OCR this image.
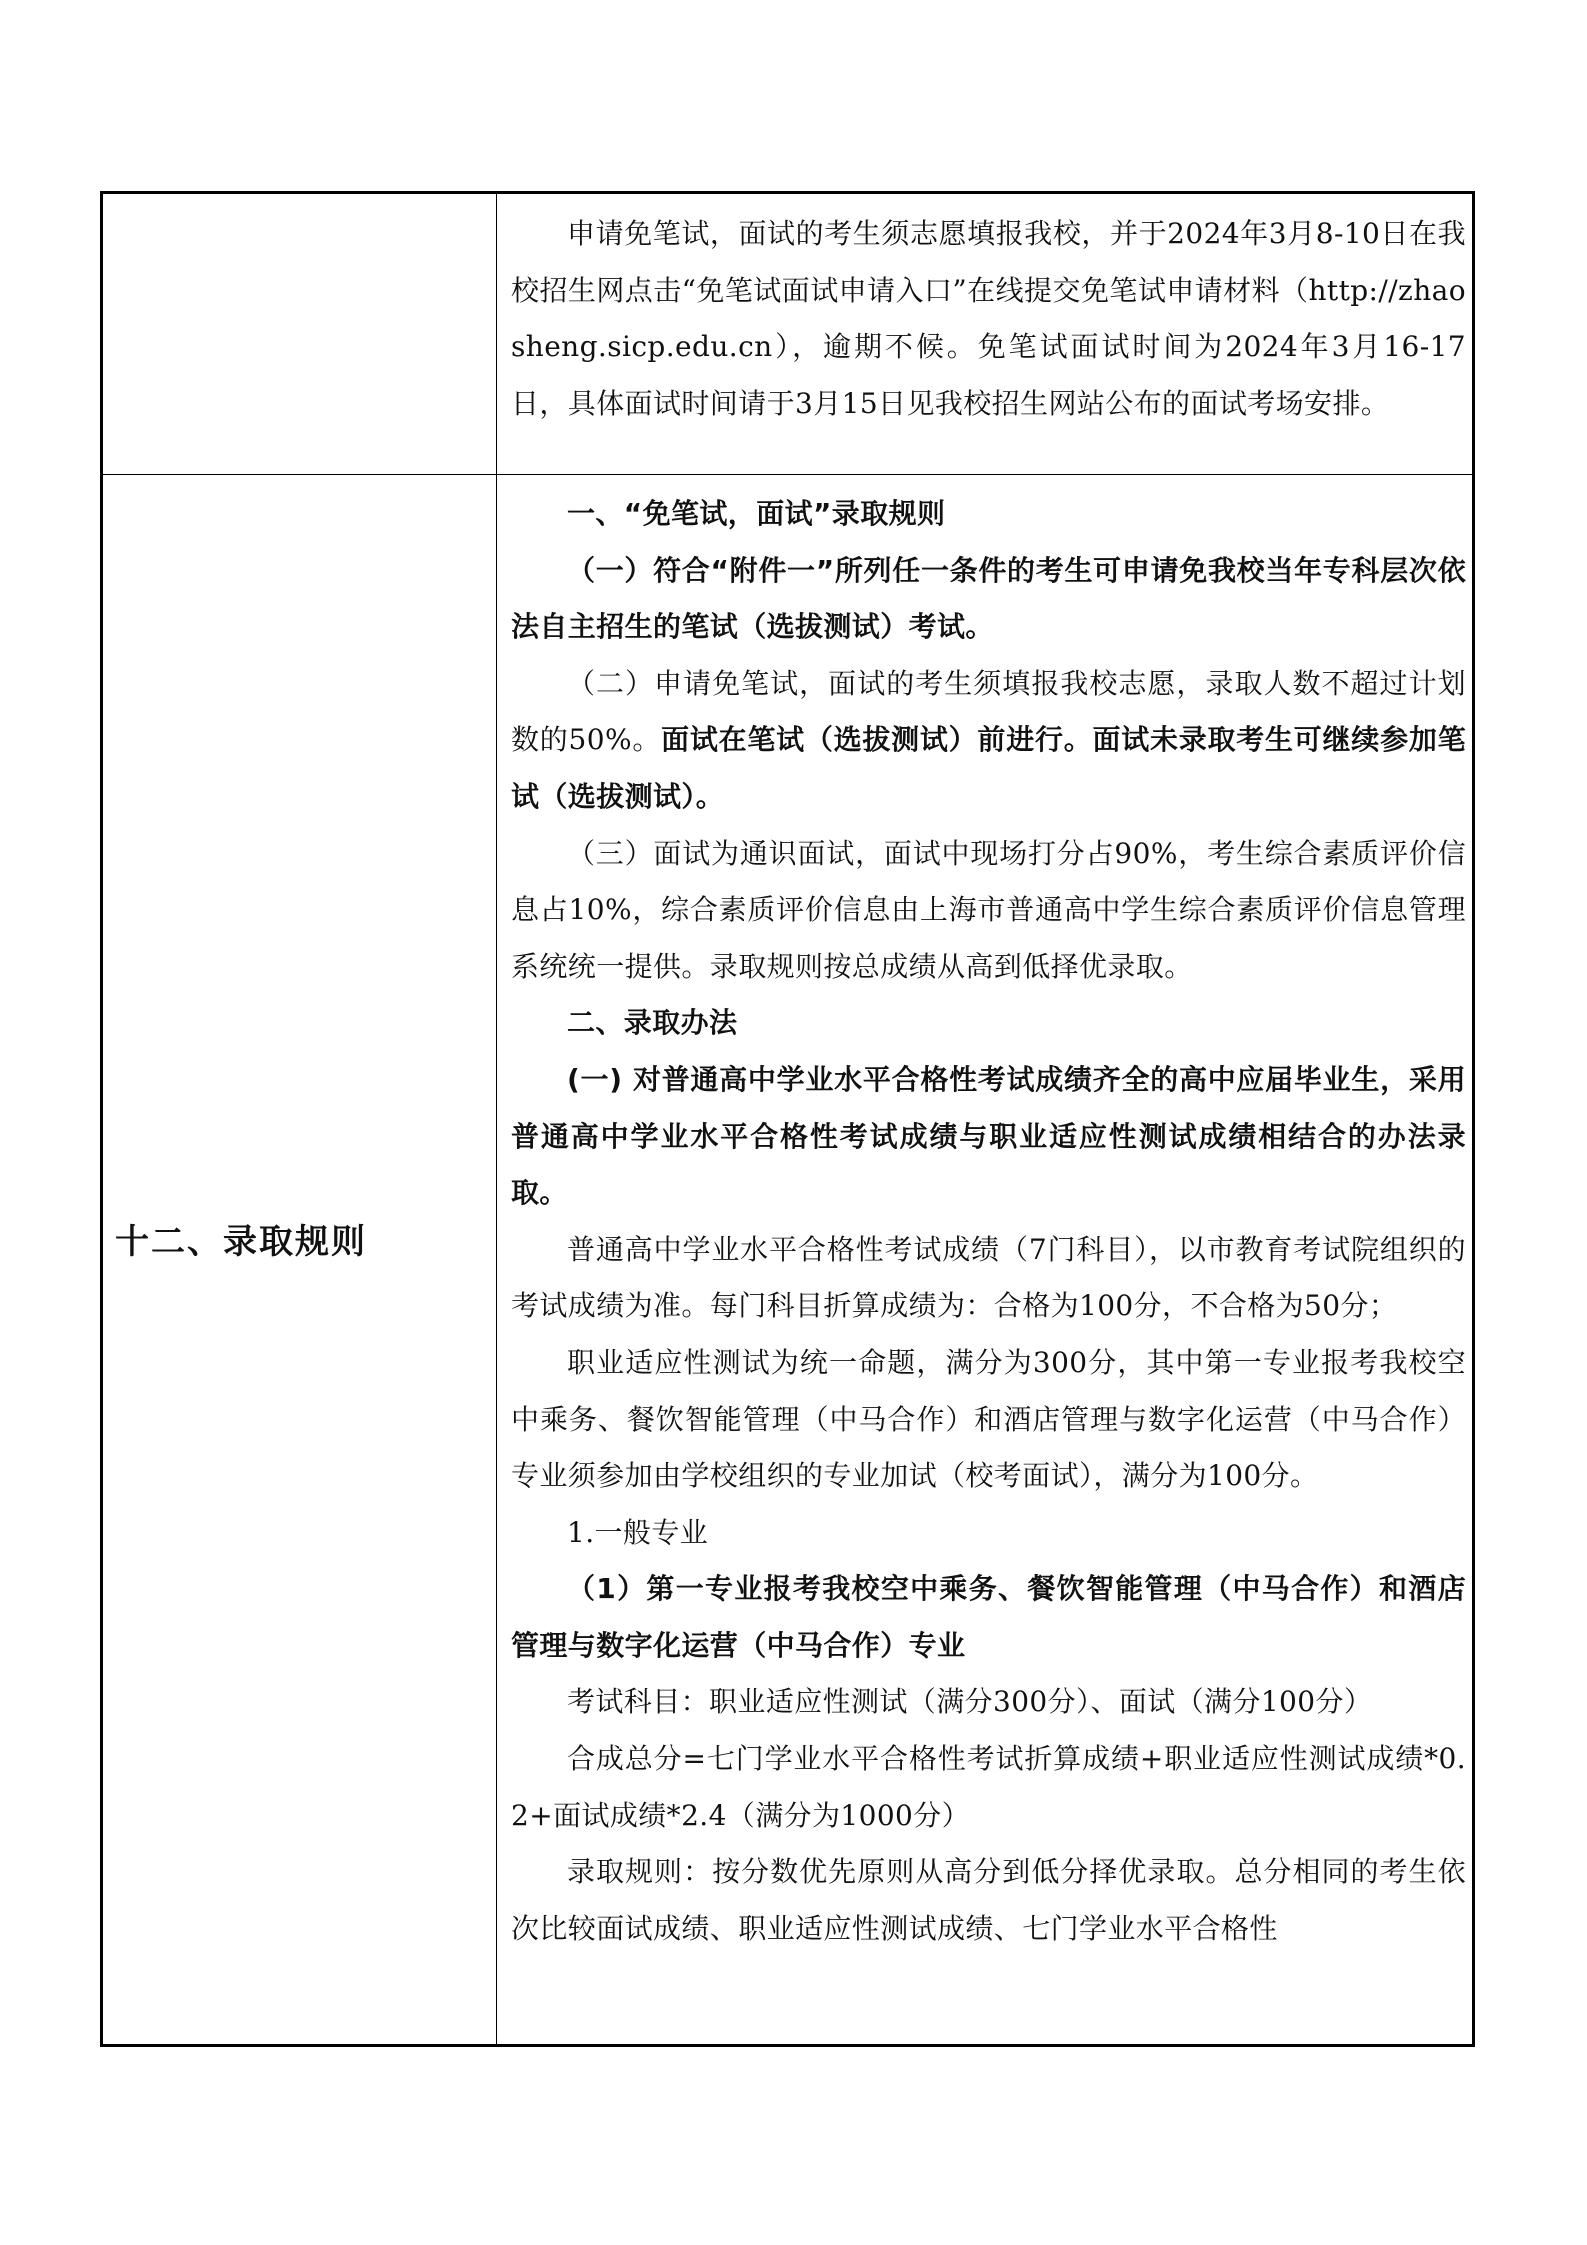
申请免笔试，面试的考生须志愿填报我校，并于2024年3月8-10日在我校招生网点击“免笔试面试申请入口”在线提交免笔试申请材料（http://zhaosheng.sicp.edu.cn），逾期不候。免笔试面试时间为2024年3月16-17日，具体面试时间请于3月15日见我校招生网站公布的面试考场安排。

十二、录取规则

一、“免笔试，面试”录取规则

（一）符合“附件一”所列任一条件的考生可申请免我校当年专科层次依法自主招生的笔试（选拔测试）考试。

（二）申请免笔试，面试的考生须填报我校志愿，录取人数不超过计划数的50%。面试在笔试（选拔测试）前进行。面试未录取考生可继续参加笔试（选拔测试）。

（三）面试为通识面试，面试中现场打分占90%，考生综合素质评价信息占10%，综合素质评价信息由上海市普通高中学生综合素质评价信息管理系统统一提供。录取规则按总成绩从高到低择优录取。

二、录取办法

(一) 对普通高中学业水平合格性考试成绩齐全的高中应届毕业生，采用普通高中学业水平合格性考试成绩与职业适应性测试成绩相结合的办法录取。

普通高中学业水平合格性考试成绩（7门科目），以市教育考试院组织的考试成绩为准。每门科目折算成绩为：合格为100分，不合格为50分；

职业适应性测试为统一命题，满分为300分，其中第一专业报考我校空中乘务、餐饮智能管理（中马合作）和酒店管理与数字化运营（中马合作）专业须参加由学校组织的专业加试（校考面试），满分为100分。

1.一般专业

（1）第一专业报考我校空中乘务、餐饮智能管理（中马合作）和酒店管理与数字化运营（中马合作）专业

考试科目：职业适应性测试（满分300分）、面试（满分100分）

合成总分=七门学业水平合格性考试折算成绩+职业适应性测试成绩*0.2+面试成绩*2.4（满分为1000分）

录取规则：按分数优先原则从高分到低分择优录取。总分相同的考生依次比较面试成绩、职业适应性测试成绩、七门学业水平合格性
